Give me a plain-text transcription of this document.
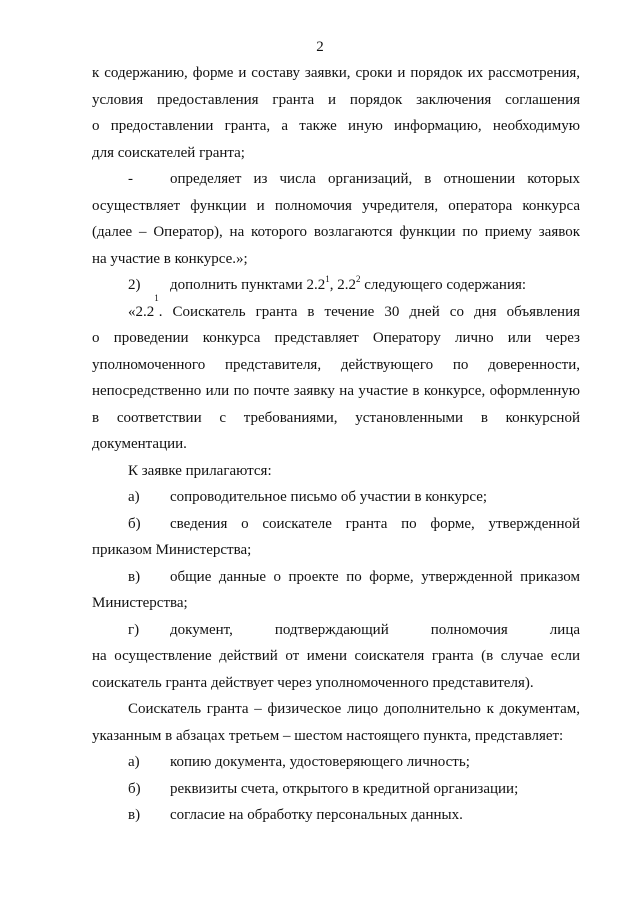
2
к содержанию, форме и составу заявки, сроки и порядок их рассмотрения,
условия предоставления гранта и порядок заключения соглашения
о предоставлении гранта, а также иную информацию, необходимую
для соискателей гранта;
-	определяет из числа организаций, в отношении которых
осуществляет функции и полномочия учредителя, оператора конкурса
(далее – Оператор), на которого возлагаются функции по приему заявок
на участие в конкурсе.»;
2)	дополнить пунктами $2.2^1$, $2.2^2$ следующего содержания:
«2.2
$^1$
. Соискатель гранта в течение 30 дней со дня объявления
о проведении конкурса представляет Оператору лично или через
уполномоченного представителя, действующего по доверенности,
непосредственно или по почте заявку на участие в конкурсе, оформленную
в соответствии с требованиями, установленными в конкурсной
документации.
К заявке прилагаются:
а)	сопроводительное письмо об участии в конкурсе;
б)	сведения о соискателе гранта по форме, утвержденной
приказом Министерства;
в)	общие данные о проекте по форме, утвержденной приказом
Министерства;
г)	документ, подтверждающий полномочия лица
на осуществление действий от имени соискателя гранта (в случае если
соискатель гранта действует через уполномоченного представителя).
Соискатель гранта – физическое лицо дополнительно к документам,
указанным в абзацах третьем – шестом настоящего пункта, представляет:
а)	копию документа, удостоверяющего личность;
б)	реквизиты счета, открытого в кредитной организации;
в)	согласие на обработку персональных данных.
